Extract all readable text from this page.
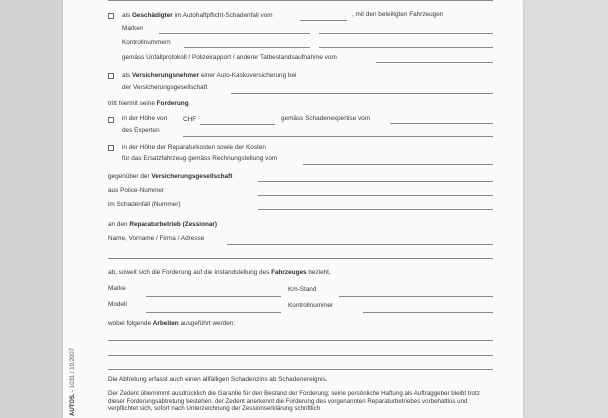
als Geschädigter im Autohaftpflicht-Schadenfall vom	, mit den beteiligten Fahrzeugen
Marken
Kontrollnummern
gemäss Unfallprotokoll / Polizeirapport / anderer Tatbestandsaufnahme vom
als Versicherungsnehmer einer Auto-Kaskoversicherung bei
der Versicherungsgesellschaft
tritt hiermit seine Forderung
in der Höhe von CHF	gemäss Schadenexpertise vom
des Experten
in der Höhe der Reparaturkosten sowie der Kosten
für das Ersatzfahrzeug gemäss Rechnungstellung vom
gegenüber der Versicherungsgesellschaft
aus Police-Nummer
im Schadenfall (Nummer)
an den Reparaturbetrieb (Zessionar)
Name, Vorname / Firma / Adresse
ab, soweit sich die Forderung auf die Instandstellung des Fahrzeuges bezieht,
Marke	Km-Stand
Modell	Kontrollnummer
wobei folgende Arbeiten ausgeführt werden:
Die Abtretung erfasst auch einen allfälligen Schadenzins ab Schadenereignis.
Der Zedent übernimmt ausdrücklich die Garantie für den Bestand der Forderung; seine persönliche Haftung als Auftraggeber bleibt trotz dieser Forderungsabtretung bestehen. der Zedent anerkennt die Forderung des vorgenannten Reparaturbetriebes vorbehaltlos und verpflichtet sich, sofort nach Unterzeichnung der Zessionserklärung schriftlich
AUTOS. - 1031 / 10.2007
